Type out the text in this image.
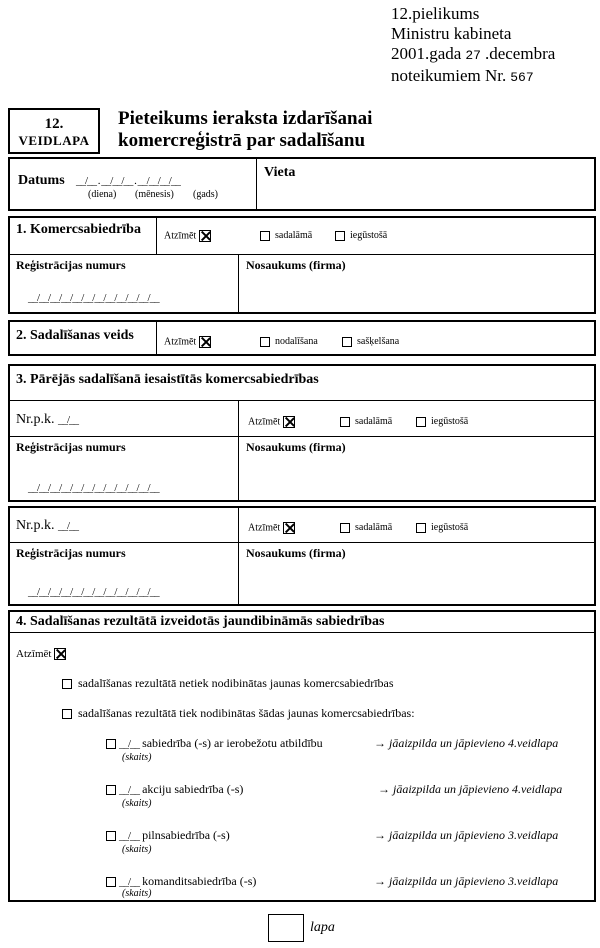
12.pielikums
Ministru kabineta
2001.gada 27 .decembra
noteikumiem Nr. 567
12.
VEIDLAPA
Pieteikums ieraksta izdarīšanai
komercreģistrā par sadalīšanu
Datums __/__ . __/__/__ . __/__/__/__
(diena) (mēnesis) (gads)
Vieta
1. Komercsabiedrība Atzīmēt	sadalāmā	iegūstošā
Reģistrācijas numurs
__/__/__/__/__/__/__/__/__/__/__/__
Nosaukums (firma)
2. Sadalīšanas veids	Atzīmēt	nodalīšana	sašķelšana
3. Pārējās sadalīšanā iesaistītās komercsabiedrības
Nr.p.k. __/__	Atzīmēt	sadalāmā	iegūstošā
Reģistrācijas numurs
__/__/__/__/__/__/__/__/__/__/__/__
Nosaukums (firma)
Nr.p.k. __/__	Atzīmēt	sadalāmā	iegūstošā
Reģistrācijas numurs
__/__/__/__/__/__/__/__/__/__/__/__
Nosaukums (firma)
4. Sadalīšanas rezultātā izveidotās jaundibināmās sabiedrības
Atzīmēt
sadalīšanas rezultātā netiek nodibinātas jaunas komercsabiedrības
sadalīšanas rezultātā tiek nodibinātas šādas jaunas komercsabiedrības:
__/__ sabiedrība (-s) ar ierobežotu atbildību
(skaits)
→ jāaizpilda un jāpievieno 4.veidlapa
__/__ akciju sabiedrība (-s)
(skaits)
→ jāaizpilda un jāpievieno 4.veidlapa
__/__ pilnsabiedrība (-s)
(skaits)
→ jāaizpilda un jāpievieno 3.veidlapa
__/__ komanditsabiedrība (-s)
(skaits)
→ jāaizpilda un jāpievieno 3.veidlapa
lapa
